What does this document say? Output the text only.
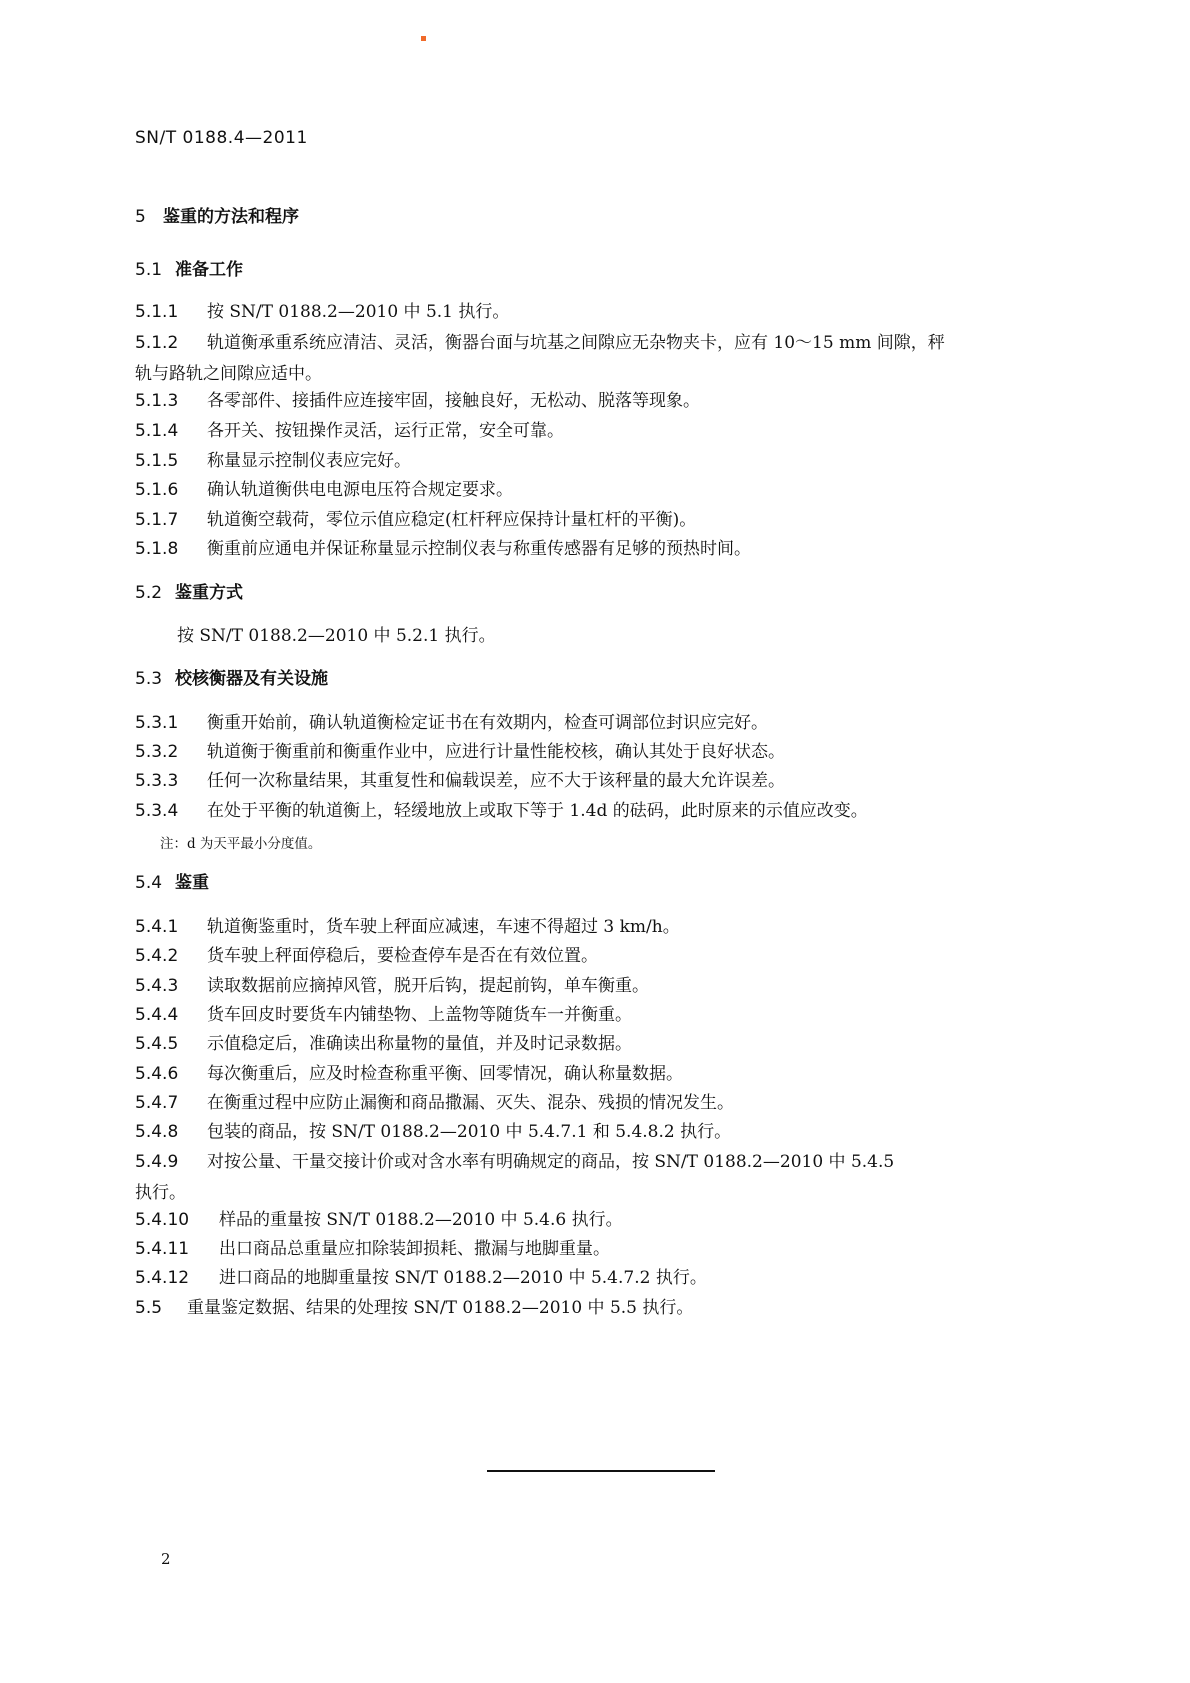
SN/T 0188.4—2011
5 鉴重的方法和程序
5.1 准备工作
5.1.1 按 SN/T 0188.2—2010 中 5.1 执行。
5.1.2 轨道衡承重系统应清洁、灵活，衡器台面与坑基之间隙应无杂物夹卡，应有 10～15 mm 间隙，秤
轨与路轨之间隙应适中。
5.1.3 各零部件、接插件应连接牢固，接触良好，无松动、脱落等现象。
5.1.4 各开关、按钮操作灵活，运行正常，安全可靠。
5.1.5 称量显示控制仪表应完好。
5.1.6 确认轨道衡供电电源电压符合规定要求。
5.1.7 轨道衡空载荷，零位示值应稳定(杠杆秤应保持计量杠杆的平衡)。
5.1.8 衡重前应通电并保证称量显示控制仪表与称重传感器有足够的预热时间。
5.2 鉴重方式
按 SN/T 0188.2—2010 中 5.2.1 执行。
5.3 校核衡器及有关设施
5.3.1 衡重开始前，确认轨道衡检定证书在有效期内，检查可调部位封识应完好。
5.3.2 轨道衡于衡重前和衡重作业中，应进行计量性能校核，确认其处于良好状态。
5.3.3 任何一次称量结果，其重复性和偏载误差，应不大于该秤量的最大允许误差。
5.3.4 在处于平衡的轨道衡上，轻缓地放上或取下等于 1.4d 的砝码，此时原来的示值应改变。
注：d 为天平最小分度值。
5.4 鉴重
5.4.1 轨道衡鉴重时，货车驶上秤面应减速，车速不得超过 3 km/h。
5.4.2 货车驶上秤面停稳后，要检查停车是否在有效位置。
5.4.3 读取数据前应摘掉风管，脱开后钩，提起前钩，单车衡重。
5.4.4 货车回皮时要货车内铺垫物、上盖物等随货车一并衡重。
5.4.5 示值稳定后，准确读出称量物的量值，并及时记录数据。
5.4.6 每次衡重后，应及时检查称重平衡、回零情况，确认称量数据。
5.4.7 在衡重过程中应防止漏衡和商品撒漏、灭失、混杂、残损的情况发生。
5.4.8 包装的商品，按 SN/T 0188.2—2010 中 5.4.7.1 和 5.4.8.2 执行。
5.4.9 对按公量、干量交接计价或对含水率有明确规定的商品，按 SN/T 0188.2—2010 中 5.4.5
执行。
5.4.10 样品的重量按 SN/T 0188.2—2010 中 5.4.6 执行。
5.4.11 出口商品总重量应扣除装卸损耗、撒漏与地脚重量。
5.4.12 进口商品的地脚重量按 SN/T 0188.2—2010 中 5.4.7.2 执行。
5.5 重量鉴定数据、结果的处理按 SN/T 0188.2—2010 中 5.5 执行。
2
